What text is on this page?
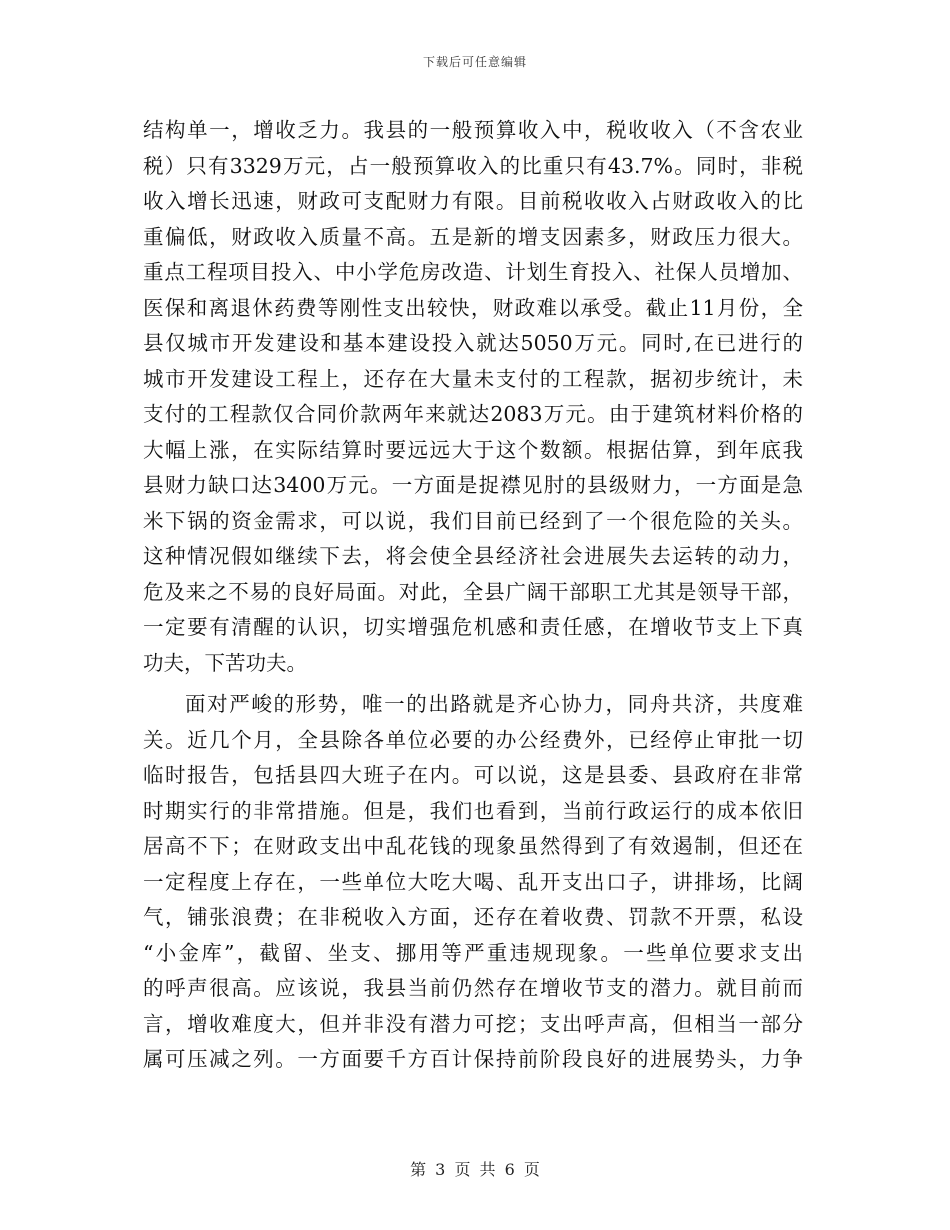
下载后可任意编辑

结构单一，增收乏力。我县的一般预算收入中，税收收入（不含农业
税）只有3329万元，占一般预算收入的比重只有43.7%。同时，非税
收入增长迅速，财政可支配财力有限。目前税收收入占财政收入的比
重偏低，财政收入质量不高。五是新的增支因素多，财政压力很大。
重点工程项目投入、中小学危房改造、计划生育投入、社保人员增加、
医保和离退休药费等刚性支出较快，财政难以承受。截止11月份，全
县仅城市开发建设和基本建设投入就达5050万元。同时,在已进行的
城市开发建设工程上，还存在大量未支付的工程款，据初步统计，未
支付的工程款仅合同价款两年来就达2083万元。由于建筑材料价格的
大幅上涨，在实际结算时要远远大于这个数额。根据估算，到年底我
县财力缺口达3400万元。一方面是捉襟见肘的县级财力，一方面是急
米下锅的资金需求，可以说，我们目前已经到了一个很危险的关头。
这种情况假如继续下去，将会使全县经济社会进展失去运转的动力，
危及来之不易的良好局面。对此，全县广阔干部职工尤其是领导干部，
一定要有清醒的认识，切实增强危机感和责任感，在增收节支上下真
功夫，下苦功夫。

面对严峻的形势，唯一的出路就是齐心协力，同舟共济，共度难
关。近几个月，全县除各单位必要的办公经费外，已经停止审批一切
临时报告，包括县四大班子在内。可以说，这是县委、县政府在非常
时期实行的非常措施。但是，我们也看到，当前行政运行的成本依旧
居高不下；在财政支出中乱花钱的现象虽然得到了有效遏制，但还在
一定程度上存在，一些单位大吃大喝、乱开支出口子，讲排场，比阔
气，铺张浪费；在非税收入方面，还存在着收费、罚款不开票，私设
“小金库”，截留、坐支、挪用等严重违规现象。一些单位要求支出
的呼声很高。应该说，我县当前仍然存在增收节支的潜力。就目前而
言，增收难度大，但并非没有潜力可挖；支出呼声高，但相当一部分
属可压减之列。一方面要千方百计保持前阶段良好的进展势头，力争

第 3 页 共 6 页
